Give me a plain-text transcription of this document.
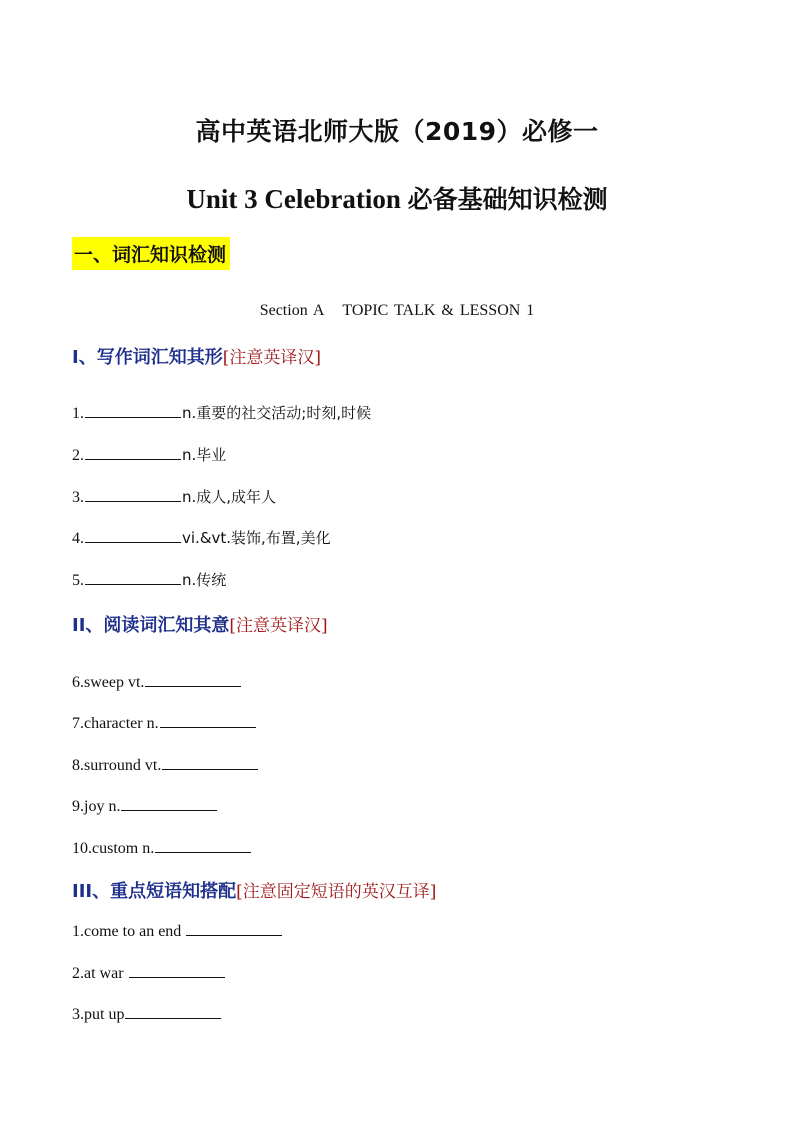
高中英语北师大版（2019）必修一
Unit 3 Celebration 必备基础知识检测
一、词汇知识检测
Section A TOPIC TALK & LESSON 1
I、写作词汇知其形[注意英译汉]
1.	n.重要的社交活动;时刻,时候
2.	n.毕业
3.	n.成人,成年人
4.	vi.&vt.装饰,布置,美化
5.	n.传统
II、阅读词汇知其意[注意英译汉]
6.sweep vt.
7.character n.
8.surround vt.
9.joy n.
10.custom n.
III、重点短语知搭配[注意固定短语的英汉互译]
1.come to an end
2.at war
3.put up
